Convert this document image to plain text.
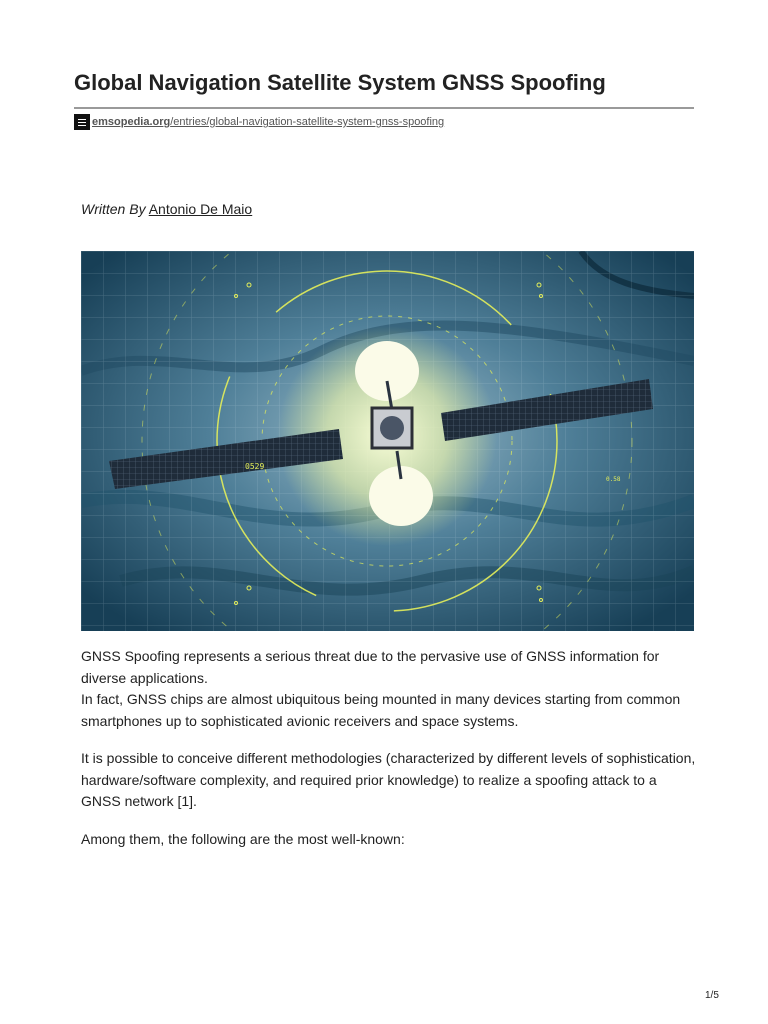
Global Navigation Satellite System GNSS Spoofing
emsopedia.org /entries/global-navigation-satellite-system-gnss-spoofing
Written By Antonio De Maio
0529
0.58

GNSS Spoofing represents a serious threat due to the pervasive use of GNSS information for diverse applications.
In fact, GNSS chips are almost ubiquitous being mounted in many devices starting from common smartphones up to sophisticated avionic receivers and space systems.

It is possible to conceive different methodologies (characterized by different levels of sophistication, hardware/software complexity, and required prior knowledge) to realize a spoofing attack to a GNSS network [1].

Among them, the following are the most well-known:

1/5
